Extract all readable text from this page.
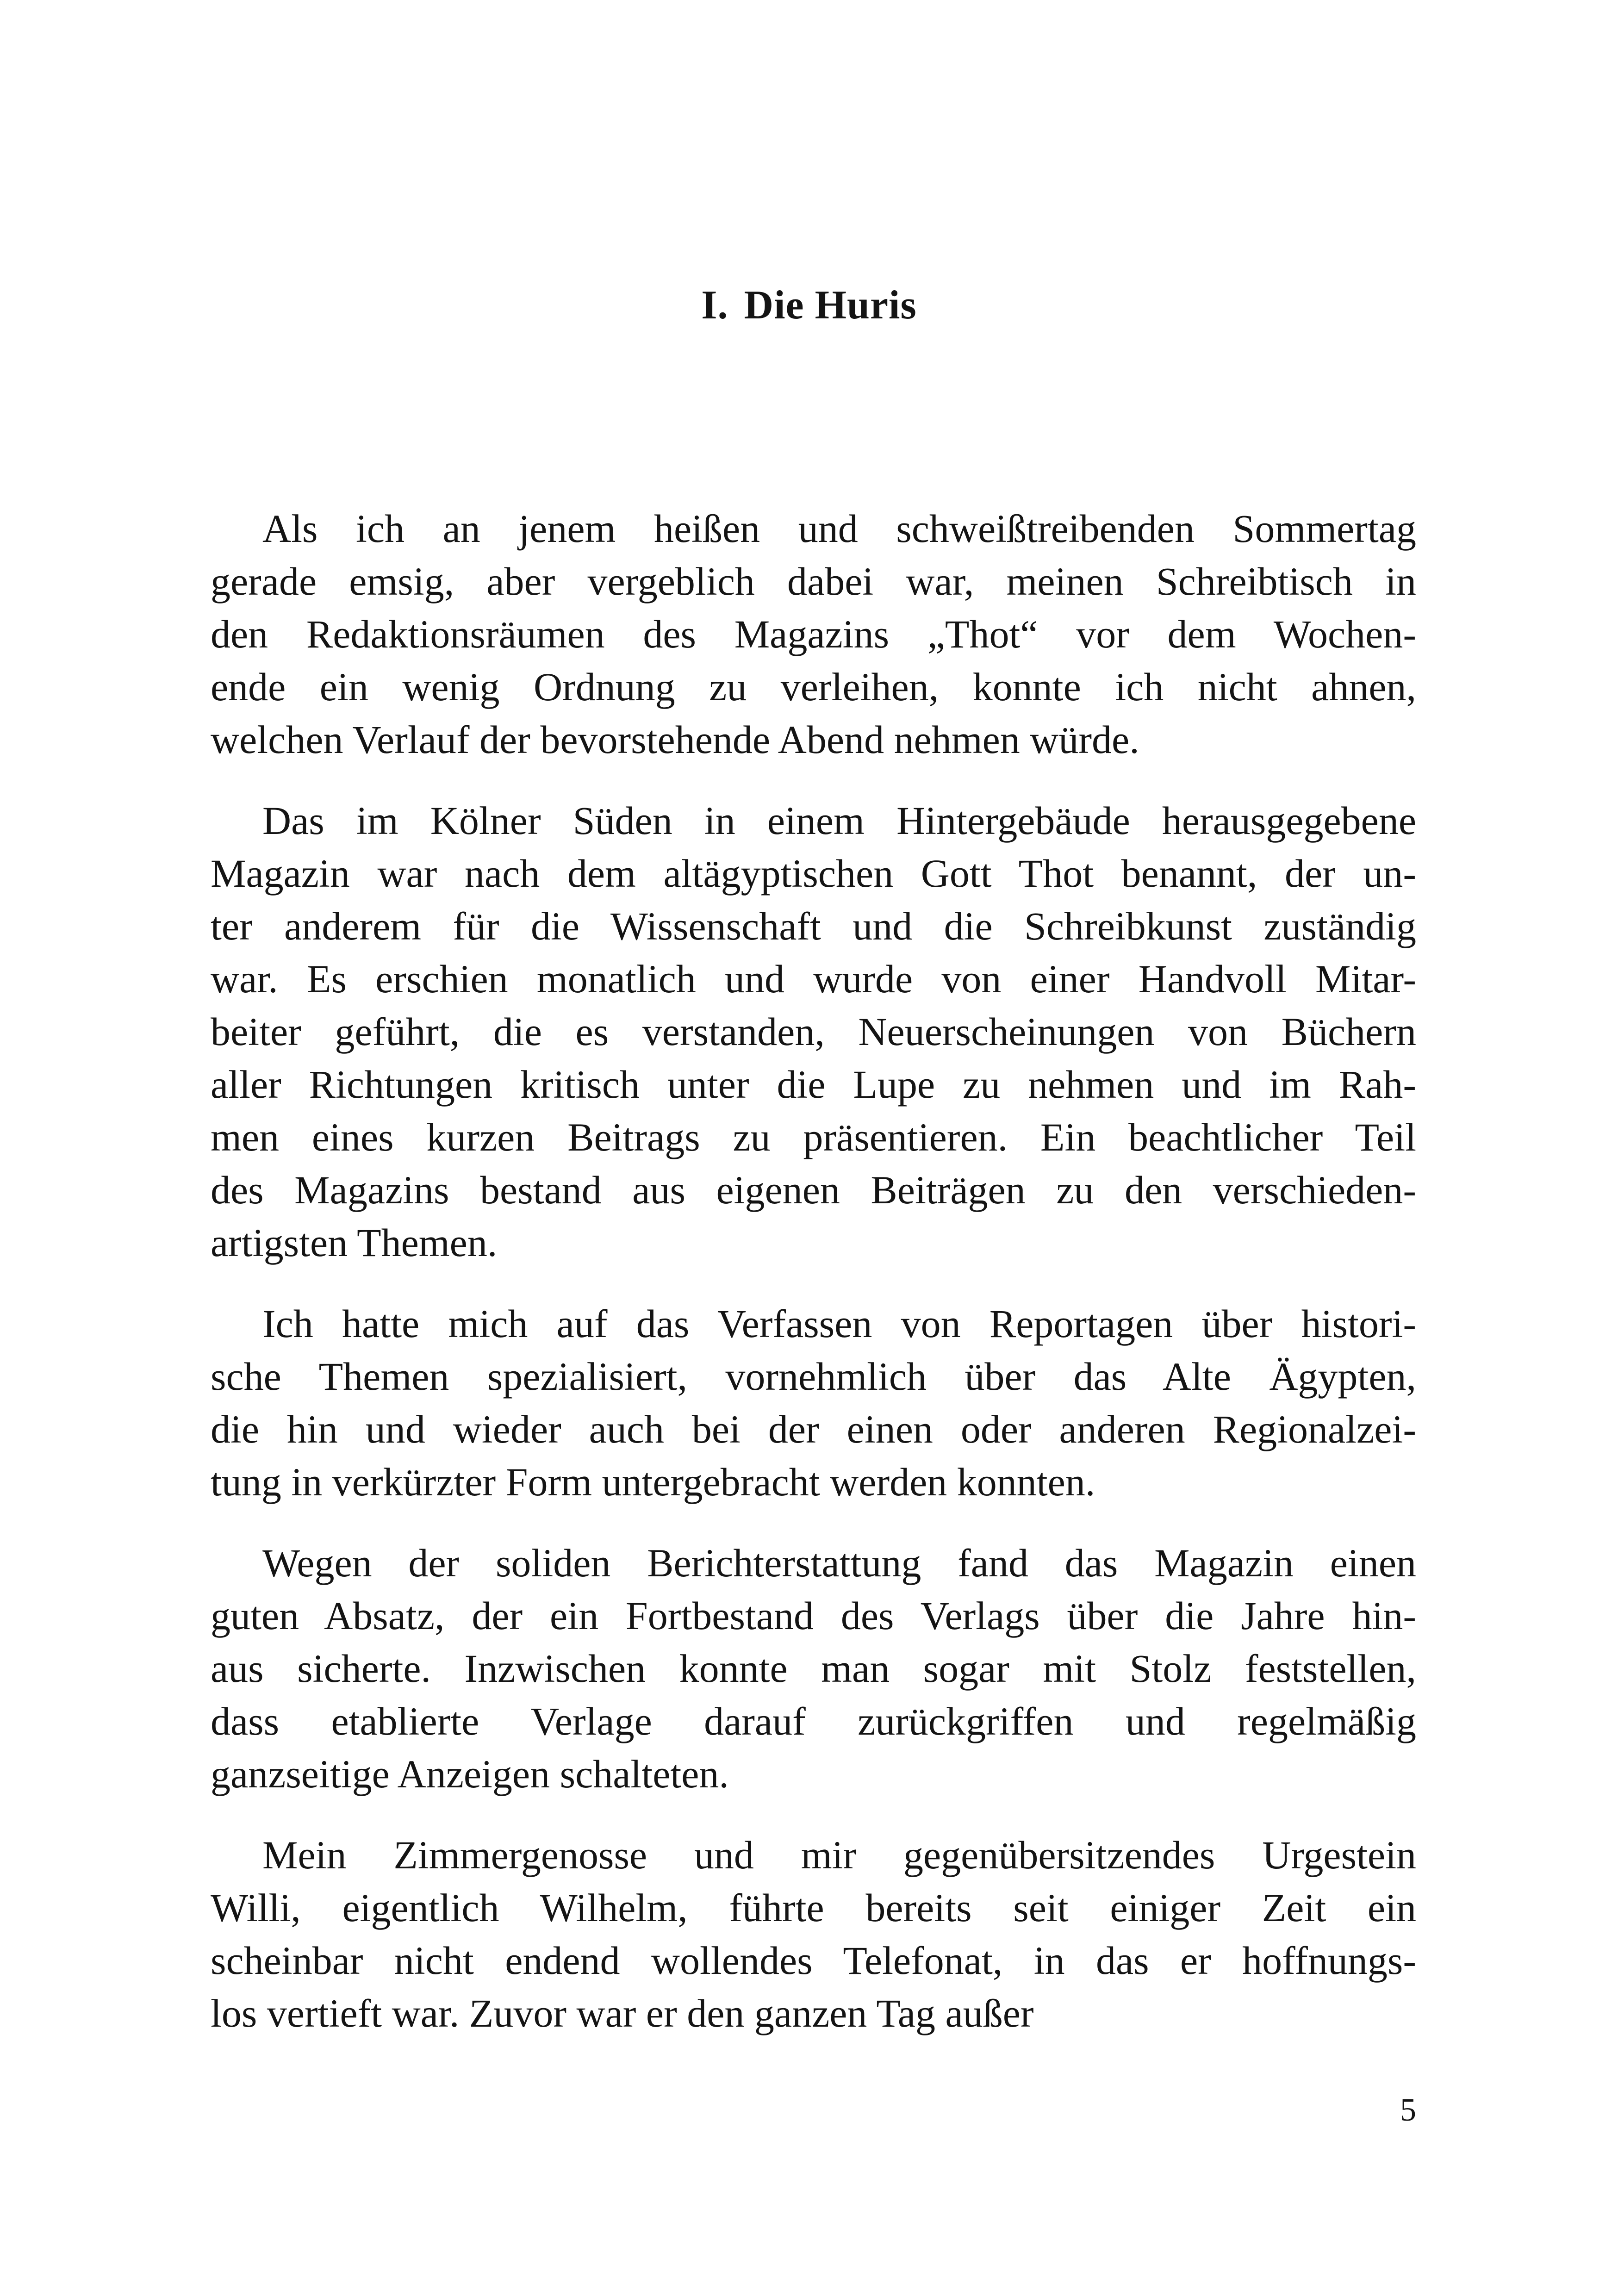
I. Die Huris

Als ich an jenem heißen und schweißtreibenden Sommertag
gerade emsig, aber vergeblich dabei war, meinen Schreibtisch in
den Redaktionsräumen des Magazins „Thot“ vor dem Wochen-
ende ein wenig Ordnung zu verleihen, konnte ich nicht ahnen,
welchen Verlauf der bevorstehende Abend nehmen würde.

Das im Kölner Süden in einem Hintergebäude herausgegebene
Magazin war nach dem altägyptischen Gott Thot benannt, der un-
ter anderem für die Wissenschaft und die Schreibkunst zuständig
war. Es erschien monatlich und wurde von einer Handvoll Mitar-
beiter geführt, die es verstanden, Neuerscheinungen von Büchern
aller Richtungen kritisch unter die Lupe zu nehmen und im Rah-
men eines kurzen Beitrags zu präsentieren. Ein beachtlicher Teil
des Magazins bestand aus eigenen Beiträgen zu den verschieden-
artigsten Themen.

Ich hatte mich auf das Verfassen von Reportagen über histori-
sche Themen spezialisiert, vornehmlich über das Alte Ägypten,
die hin und wieder auch bei der einen oder anderen Regionalzei-
tung in verkürzter Form untergebracht werden konnten.

Wegen der soliden Berichterstattung fand das Magazin einen
guten Absatz, der ein Fortbestand des Verlags über die Jahre hin-
aus sicherte. Inzwischen konnte man sogar mit Stolz feststellen,
dass etablierte Verlage darauf zurückgriffen und regelmäßig
ganzseitige Anzeigen schalteten.

Mein Zimmergenosse und mir gegenübersitzendes Urgestein
Willi, eigentlich Wilhelm, führte bereits seit einiger Zeit ein
scheinbar nicht endend wollendes Telefonat, in das er hoffnungs-
los vertieft war. Zuvor war er den ganzen Tag außer

5
